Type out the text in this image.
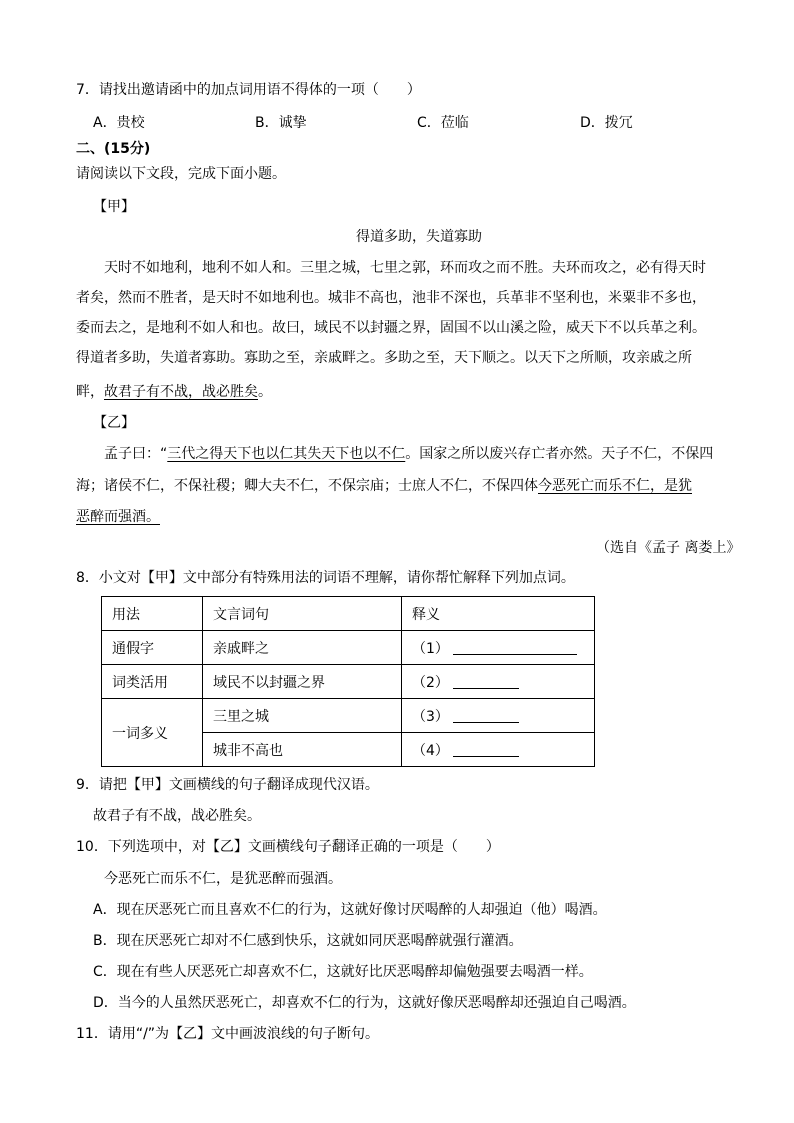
7．请找出邀请函中的加点词用语不得体的一项（　　）
A．贵校	B．诚挚	C．莅临	D．拨冗
二、(15分)
请阅读以下文段，完成下面小题。
【甲】
得道多助，失道寡助
天时不如地利，地利不如人和。三里之城，七里之郭，环而攻之而不胜。夫环而攻之，必有得天时
者矣，然而不胜者，是天时不如地利也。城非不高也，池非不深也，兵革非不坚利也，米粟非不多也，
委而去之，是地利不如人和也。故曰，域民不以封疆之界，固国不以山溪之险，威天下不以兵革之利。
得道者多助，失道者寡助。寡助之至，亲戚畔之。多助之至，天下顺之。以天下之所顺，攻亲戚之所
畔，故君子有不战，战必胜矣。
【乙】
孟子曰：“三代之得天下也以仁其失天下也以不仁。国家之所以废兴存亡者亦然。天子不仁，不保四
海；诸侯不仁，不保社稷；卿大夫不仁，不保宗庙；士庶人不仁，不保四体今恶死亡而乐不仁，是犹
恶醉而强酒。
（选自《孟子 离娄上》
8．小文对【甲】文中部分有特殊用法的词语不理解，请你帮忙解释下列加点词。
用法	文言词句	释义
通假字	亲戚畔之	（1）
词类活用	域民不以封疆之界	（2）
一词多义	三里之城	（3）
	城非不高也	（4）
9．请把【甲】文画横线的句子翻译成现代汉语。
故君子有不战，战必胜矣。
10．下列选项中，对【乙】文画横线句子翻译正确的一项是（　　）
今恶死亡而乐不仁，是犹恶醉而强酒。
A．现在厌恶死亡而且喜欢不仁的行为，这就好像讨厌喝醉的人却强迫（他）喝酒。
B．现在厌恶死亡却对不仁感到快乐，这就如同厌恶喝醉就强行灌酒。
C．现在有些人厌恶死亡却喜欢不仁，这就好比厌恶喝醉却偏勉强要去喝酒一样。
D．当今的人虽然厌恶死亡，却喜欢不仁的行为，这就好像厌恶喝醉却还强迫自己喝酒。
11．请用“/”为【乙】文中画波浪线的句子断句。
